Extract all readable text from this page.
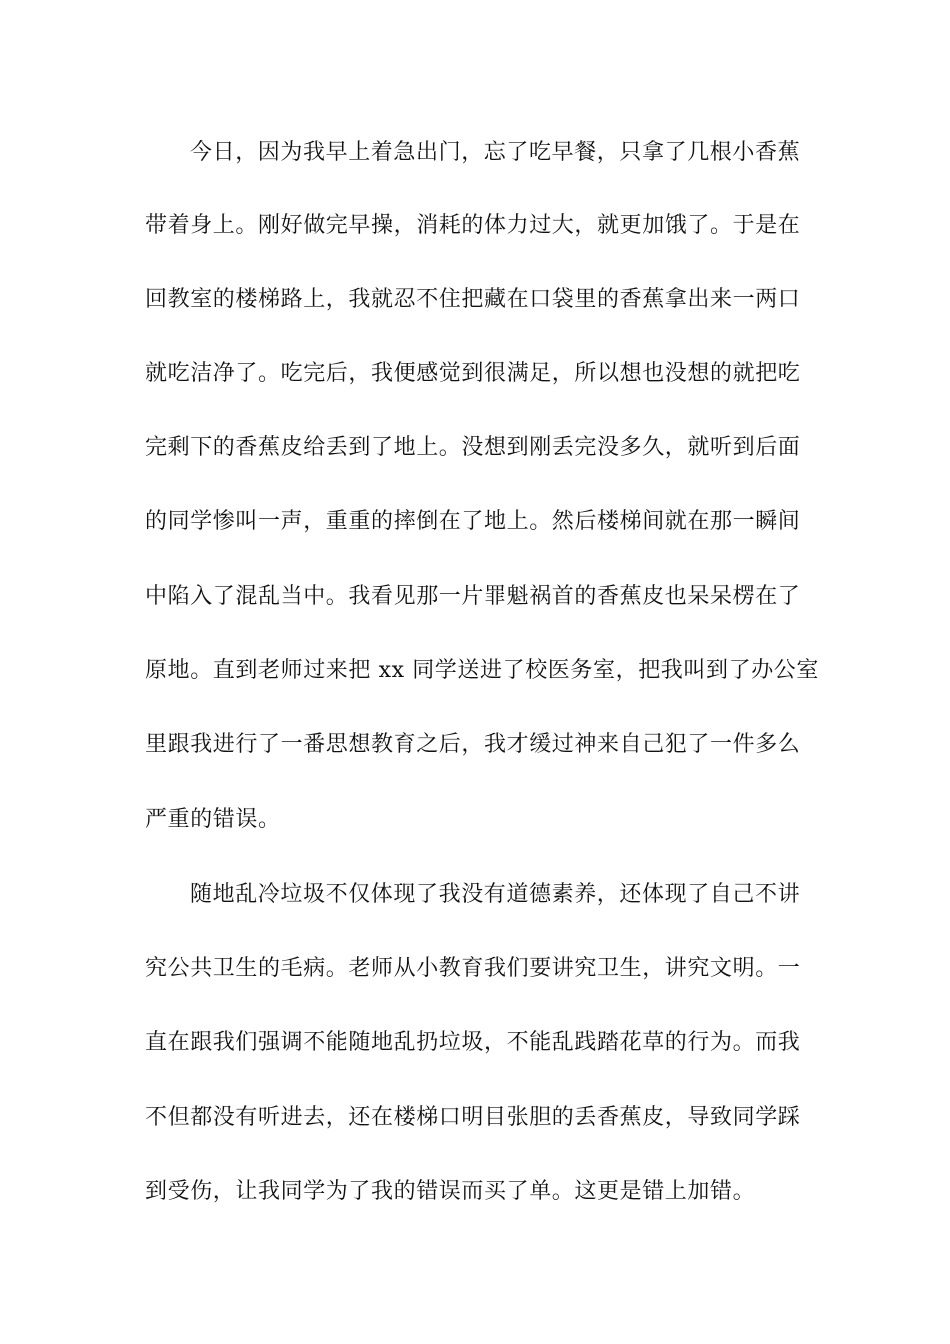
今日，因为我早上着急出门，忘了吃早餐，只拿了几根小香蕉
带着身上。刚好做完早操，消耗的体力过大，就更加饿了。于是在
回教室的楼梯路上，我就忍不住把藏在口袋里的香蕉拿出来一两口
就吃洁净了。吃完后，我便感觉到很满足，所以想也没想的就把吃
完剩下的香蕉皮给丢到了地上。没想到刚丢完没多久，就听到后面
的同学惨叫一声，重重的摔倒在了地上。然后楼梯间就在那一瞬间
中陷入了混乱当中。我看见那一片罪魁祸首的香蕉皮也呆呆楞在了
原地。直到老师过来把 xx 同学送进了校医务室，把我叫到了办公室
里跟我进行了一番思想教育之后，我才缓过神来自己犯了一件多么
严重的错误。
随地乱冷垃圾不仅体现了我没有道德素养，还体现了自己不讲
究公共卫生的毛病。老师从小教育我们要讲究卫生，讲究文明。一
直在跟我们强调不能随地乱扔垃圾，不能乱践踏花草的行为。而我
不但都没有听进去，还在楼梯口明目张胆的丢香蕉皮，导致同学踩
到受伤，让我同学为了我的错误而买了单。这更是错上加错。
